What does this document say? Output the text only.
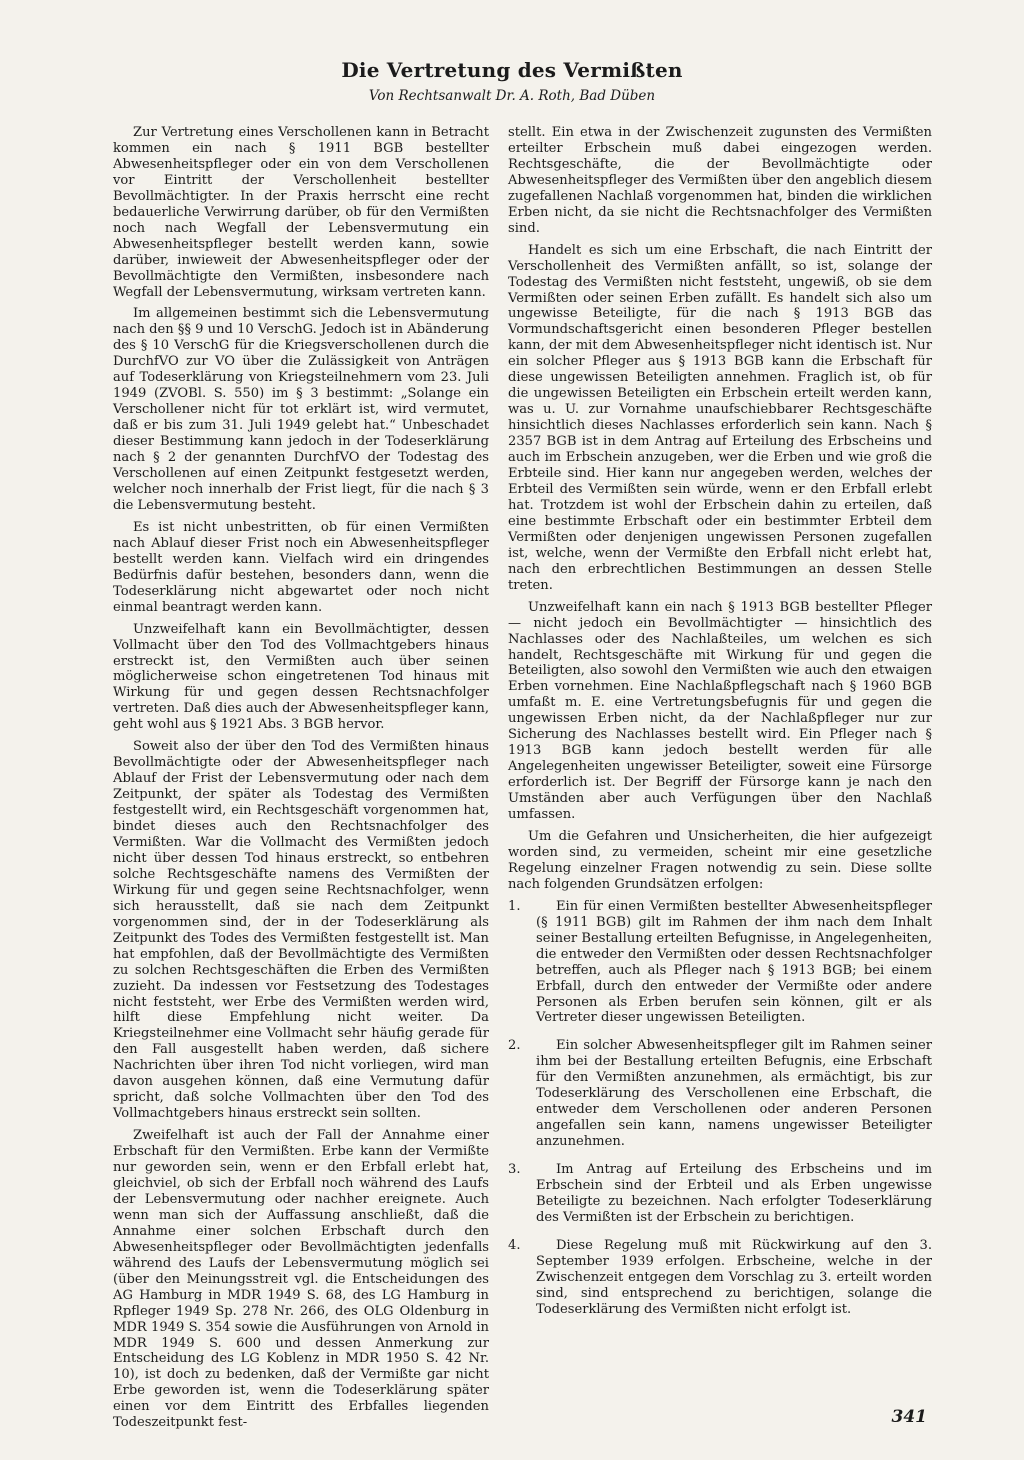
Die Vertretung des Vermißten

Von Rechtsanwalt Dr. A. Roth, Bad Düben

Zur Vertretung eines Verschollenen kann in Betracht kommen ein nach § 1911 BGB bestellter Abwesenheitspfleger oder ein von dem Verschollenen vor Eintritt der Verschollenheit bestellter Bevollmächtigter. In der Praxis herrscht eine recht bedauerliche Verwirrung darüber, ob für den Vermißten noch nach Wegfall der Lebensvermutung ein Abwesenheitspfleger bestellt werden kann, sowie darüber, inwieweit der Abwesenheitspfleger oder der Bevollmächtigte den Vermißten, insbesondere nach Wegfall der Lebensvermutung, wirksam vertreten kann.

Im allgemeinen bestimmt sich die Lebensvermutung nach den §§ 9 und 10 VerschG. Jedoch ist in Abänderung des § 10 VerschG für die Kriegsverschollenen durch die DurchfVO zur VO über die Zulässigkeit von Anträgen auf Todeserklärung von Kriegsteilnehmern vom 23. Juli 1949 (ZVOBl. S. 550) im § 3 bestimmt: „Solange ein Verschollener nicht für tot erklärt ist, wird vermutet, daß er bis zum 31. Juli 1949 gelebt hat.“ Unbeschadet dieser Bestimmung kann jedoch in der Todeserklärung nach § 2 der genannten DurchfVO der Todestag des Verschollenen auf einen Zeitpunkt festgesetzt werden, welcher noch innerhalb der Frist liegt, für die nach § 3 die Lebensvermutung besteht.

Es ist nicht unbestritten, ob für einen Vermißten nach Ablauf dieser Frist noch ein Abwesenheitspfleger bestellt werden kann. Vielfach wird ein dringendes Bedürfnis dafür bestehen, besonders dann, wenn die Todeserklärung nicht abgewartet oder noch nicht einmal beantragt werden kann.

Unzweifelhaft kann ein Bevollmächtigter, dessen Vollmacht über den Tod des Vollmachtgebers hinaus erstreckt ist, den Vermißten auch über seinen möglicherweise schon eingetretenen Tod hinaus mit Wirkung für und gegen dessen Rechtsnachfolger vertreten. Daß dies auch der Abwesenheitspfleger kann, geht wohl aus § 1921 Abs. 3 BGB hervor.

Soweit also der über den Tod des Vermißten hinaus Bevollmächtigte oder der Abwesenheitspfleger nach Ablauf der Frist der Lebensvermutung oder nach dem Zeitpunkt, der später als Todestag des Vermißten festgestellt wird, ein Rechtsgeschäft vorgenommen hat, bindet dieses auch den Rechtsnachfolger des Vermißten. War die Vollmacht des Vermißten jedoch nicht über dessen Tod hinaus erstreckt, so entbehren solche Rechtsgeschäfte namens des Vermißten der Wirkung für und gegen seine Rechtsnachfolger, wenn sich herausstellt, daß sie nach dem Zeitpunkt vorgenommen sind, der in der Todeserklärung als Zeitpunkt des Todes des Vermißten festgestellt ist. Man hat empfohlen, daß der Bevollmächtigte des Vermißten zu solchen Rechtsgeschäften die Erben des Vermißten zuzieht. Da indessen vor Festsetzung des Todestages nicht feststeht, wer Erbe des Vermißten werden wird, hilft diese Empfehlung nicht weiter. Da Kriegsteilnehmer eine Vollmacht sehr häufig gerade für den Fall ausgestellt haben werden, daß sichere Nachrichten über ihren Tod nicht vorliegen, wird man davon ausgehen können, daß eine Vermutung dafür spricht, daß solche Vollmachten über den Tod des Vollmachtgebers hinaus erstreckt sein sollten.

Zweifelhaft ist auch der Fall der Annahme einer Erbschaft für den Vermißten. Erbe kann der Vermißte nur geworden sein, wenn er den Erbfall erlebt hat, gleichviel, ob sich der Erbfall noch während des Laufs der Lebensvermutung oder nachher ereignete. Auch wenn man sich der Auffassung anschließt, daß die Annahme einer solchen Erbschaft durch den Abwesenheitspfleger oder Bevollmächtigten jedenfalls während des Laufs der Lebensvermutung möglich sei (über den Meinungsstreit vgl. die Entscheidungen des AG Hamburg in MDR 1949 S. 68, des LG Hamburg in Rpfleger 1949 Sp. 278 Nr. 266, des OLG Oldenburg in MDR 1949 S. 354 sowie die Ausführungen von Arnold in MDR 1949 S. 600 und dessen Anmerkung zur Entscheidung des LG Koblenz in MDR 1950 S. 42 Nr. 10), ist doch zu bedenken, daß der Vermißte gar nicht Erbe geworden ist, wenn die Todeserklärung später einen vor dem Eintritt des Erbfalles liegenden Todeszeitpunkt fest-

stellt. Ein etwa in der Zwischenzeit zugunsten des Vermißten erteilter Erbschein muß dabei eingezogen werden. Rechtsgeschäfte, die der Bevollmächtigte oder Abwesenheitspfleger des Vermißten über den angeblich diesem zugefallenen Nachlaß vorgenommen hat, binden die wirklichen Erben nicht, da sie nicht die Rechtsnachfolger des Vermißten sind.

Handelt es sich um eine Erbschaft, die nach Eintritt der Verschollenheit des Vermißten anfällt, so ist, solange der Todestag des Vermißten nicht feststeht, ungewiß, ob sie dem Vermißten oder seinen Erben zufällt. Es handelt sich also um ungewisse Beteiligte, für die nach § 1913 BGB das Vormundschaftsgericht einen besonderen Pfleger bestellen kann, der mit dem Abwesenheitspfleger nicht identisch ist. Nur ein solcher Pfleger aus § 1913 BGB kann die Erbschaft für diese ungewissen Beteiligten annehmen. Fraglich ist, ob für die ungewissen Beteiligten ein Erbschein erteilt werden kann, was u. U. zur Vornahme unaufschiebbarer Rechtsgeschäfte hinsichtlich dieses Nachlasses erforderlich sein kann. Nach § 2357 BGB ist in dem Antrag auf Erteilung des Erbscheins und auch im Erbschein anzugeben, wer die Erben und wie groß die Erbteile sind. Hier kann nur angegeben werden, welches der Erbteil des Vermißten sein würde, wenn er den Erbfall erlebt hat. Trotzdem ist wohl der Erbschein dahin zu erteilen, daß eine bestimmte Erbschaft oder ein bestimmter Erbteil dem Vermißten oder denjenigen ungewissen Personen zugefallen ist, welche, wenn der Vermißte den Erbfall nicht erlebt hat, nach den erbrechtlichen Bestimmungen an dessen Stelle treten.

Unzweifelhaft kann ein nach § 1913 BGB bestellter Pfleger — nicht jedoch ein Bevollmächtigter — hinsichtlich des Nachlasses oder des Nachlaßteiles, um welchen es sich handelt, Rechtsgeschäfte mit Wirkung für und gegen die Beteiligten, also sowohl den Vermißten wie auch den etwaigen Erben vornehmen. Eine Nachlaßpflegschaft nach § 1960 BGB umfaßt m. E. eine Vertretungsbefugnis für und gegen die ungewissen Erben nicht, da der Nachlaßpfleger nur zur Sicherung des Nachlasses bestellt wird. Ein Pfleger nach § 1913 BGB kann jedoch bestellt werden für alle Angelegenheiten ungewisser Beteiligter, soweit eine Fürsorge erforderlich ist. Der Begriff der Fürsorge kann je nach den Umständen aber auch Verfügungen über den Nachlaß umfassen.

Um die Gefahren und Unsicherheiten, die hier aufgezeigt worden sind, zu vermeiden, scheint mir eine gesetzliche Regelung einzelner Fragen notwendig zu sein. Diese sollte nach folgenden Grundsätzen erfolgen:

1.	Ein für einen Vermißten bestellter Abwesenheitspfleger (§ 1911 BGB) gilt im Rahmen der ihm nach dem Inhalt seiner Bestallung erteilten Befugnisse, in Angelegenheiten, die entweder den Vermißten oder dessen Rechtsnachfolger betreffen, auch als Pfleger nach § 1913 BGB; bei einem Erbfall, durch den entweder der Vermißte oder andere Personen als Erben berufen sein können, gilt er als Vertreter dieser ungewissen Beteiligten.

2.	Ein solcher Abwesenheitspfleger gilt im Rahmen seiner ihm bei der Bestallung erteilten Befugnis, eine Erbschaft für den Vermißten anzunehmen, als ermächtigt, bis zur Todeserklärung des Verschollenen eine Erbschaft, die entweder dem Verschollenen oder anderen Personen angefallen sein kann, namens ungewisser Beteiligter anzunehmen.

3.	Im Antrag auf Erteilung des Erbscheins und im Erbschein sind der Erbteil und als Erben ungewisse Beteiligte zu bezeichnen. Nach erfolgter Todeserklärung des Vermißten ist der Erbschein zu berichtigen.

4.	Diese Regelung muß mit Rückwirkung auf den 3. September 1939 erfolgen. Erbscheine, welche in der Zwischenzeit entgegen dem Vorschlag zu 3. erteilt worden sind, sind entsprechend zu berichtigen, solange die Todeserklärung des Vermißten nicht erfolgt ist.

341
